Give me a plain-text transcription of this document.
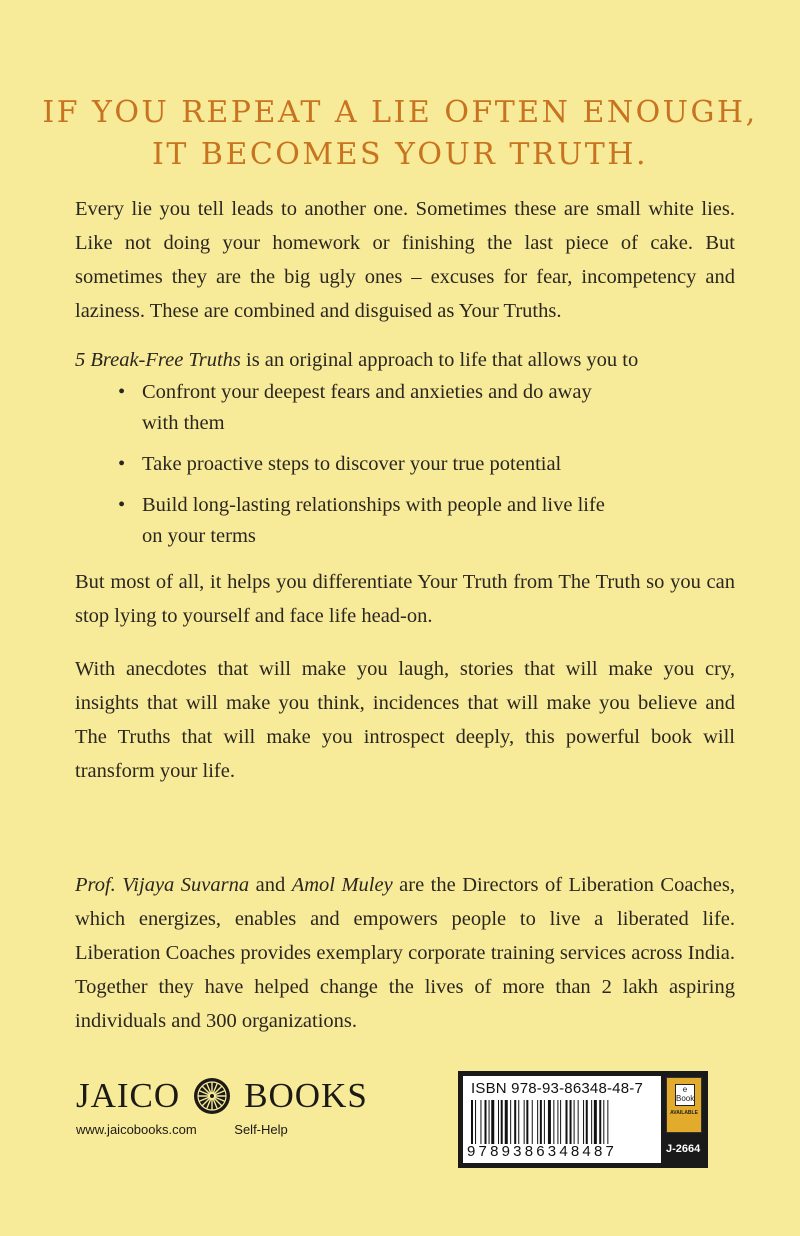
IF YOU REPEAT A LIE OFTEN ENOUGH,
IT BECOMES YOUR TRUTH.
Every lie you tell leads to another one. Sometimes these are small white lies. Like not doing your homework or finishing the last piece of cake. But sometimes they are the big ugly ones – excuses for fear, incompetency and laziness. These are combined and disguised as Your Truths.
5 Break-Free Truths is an original approach to life that allows you to
• Confront your deepest fears and anxieties and do away with them
• Take proactive steps to discover your true potential
• Build long-lasting relationships with people and live life on your terms
But most of all, it helps you differentiate Your Truth from The Truth so you can stop lying to yourself and face life head-on.
With anecdotes that will make you laugh, stories that will make you cry, insights that will make you think, incidences that will make you believe and The Truths that will make you introspect deeply, this powerful book will transform your life.
Prof. Vijaya Suvarna and Amol Muley are the Directors of Liberation Coaches, which energizes, enables and empowers people to live a liberated life. Liberation Coaches provides exemplary corporate training services across India. Together they have helped change the lives of more than 2 lakh aspiring individuals and 300 organizations.
JAICO BOOKS
www.jaicobooks.com	Self-Help
ISBN 978-93-86348-48-7
9789386348487
e Book
AVAILABLE
J-2664
